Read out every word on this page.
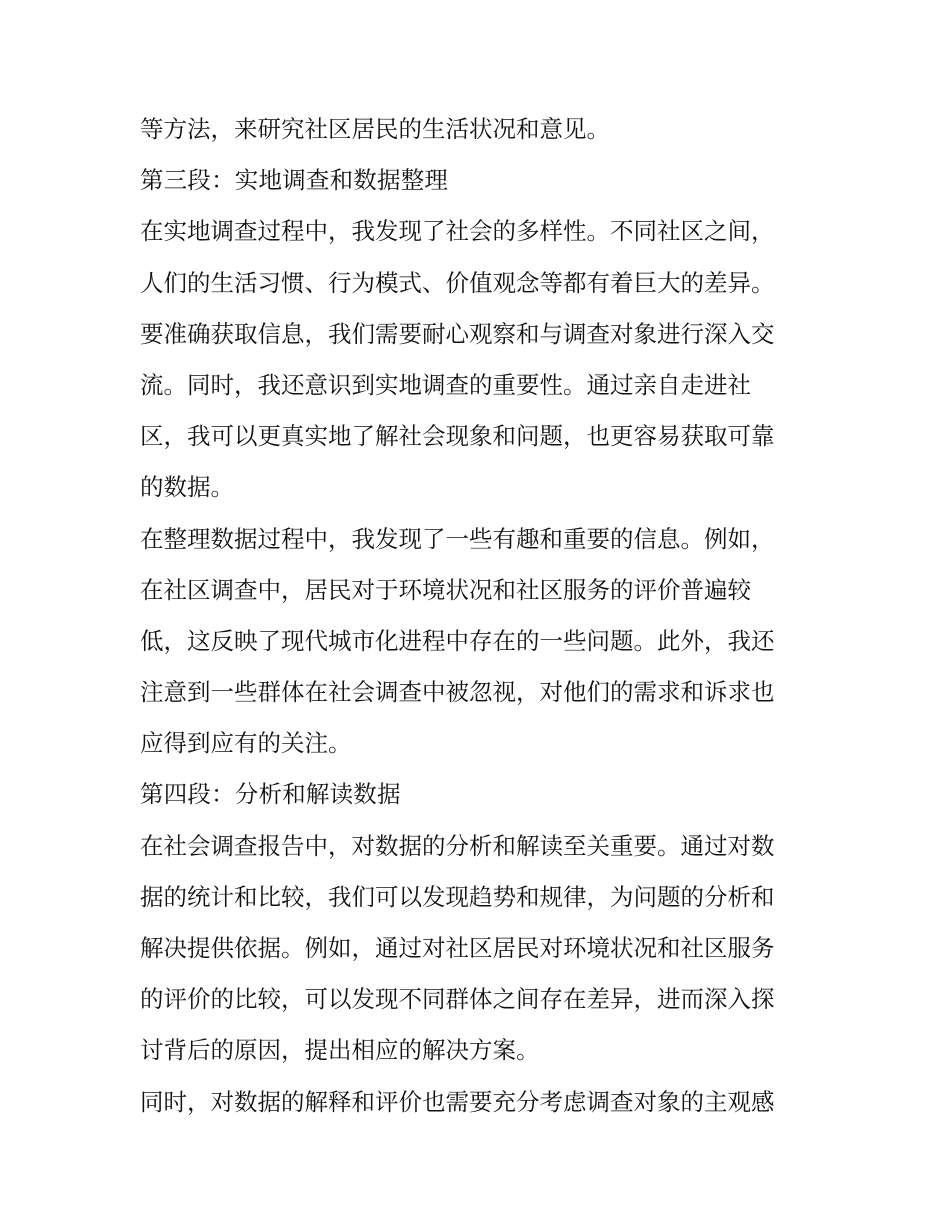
等方法，来研究社区居民的生活状况和意见。
第三段：实地调查和数据整理
在实地调查过程中，我发现了社会的多样性。不同社区之间，
人们的生活习惯、行为模式、价值观念等都有着巨大的差异。
要准确获取信息，我们需要耐心观察和与调查对象进行深入交
流。同时，我还意识到实地调查的重要性。通过亲自走进社
区，我可以更真实地了解社会现象和问题，也更容易获取可靠
的数据。
在整理数据过程中，我发现了一些有趣和重要的信息。例如，
在社区调查中，居民对于环境状况和社区服务的评价普遍较
低，这反映了现代城市化进程中存在的一些问题。此外，我还
注意到一些群体在社会调查中被忽视，对他们的需求和诉求也
应得到应有的关注。
第四段：分析和解读数据
在社会调查报告中，对数据的分析和解读至关重要。通过对数
据的统计和比较，我们可以发现趋势和规律，为问题的分析和
解决提供依据。例如，通过对社区居民对环境状况和社区服务
的评价的比较，可以发现不同群体之间存在差异，进而深入探
讨背后的原因，提出相应的解决方案。
同时，对数据的解释和评价也需要充分考虑调查对象的主观感
